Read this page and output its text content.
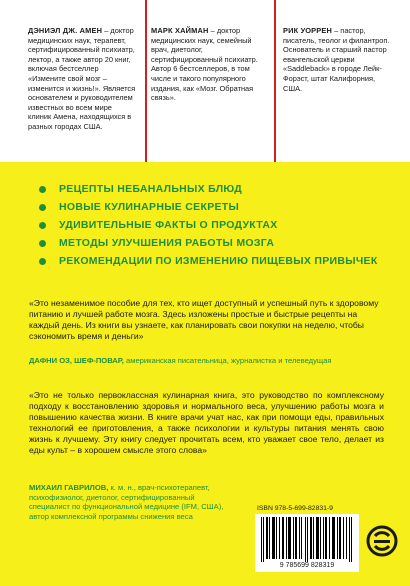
ДЭНИЭЛ ДЖ. АМЕН – доктор медицинских наук, терапевт, сертифицированный психиатр, лектор, а также автор 20 книг, включая бестселлер «Измените свой мозг – изменится и жизнь!». Является основателем и руководителем известных во всем мире клиник Амена, находящихся в разных городах США.
МАРК ХАЙМАН – доктор медицинских наук, семейный врач, диетолог, сертифицированный психиатр. Автор 6 бестселлеров, в том числе и такого популярного издания, как «Мозг. Обратная связь».
РИК УОРРЕН – пастор, писатель, теолог и филантроп. Основатель и старший пастор евангельской церкви «Saddleback» в городе Лейк-Форэст, штат Калифорния, США.
РЕЦЕПТЫ НЕБАНАЛЬНЫХ БЛЮД
НОВЫЕ КУЛИНАРНЫЕ СЕКРЕТЫ
УДИВИТЕЛЬНЫЕ ФАКТЫ О ПРОДУКТАХ
МЕТОДЫ УЛУЧШЕНИЯ РАБОТЫ МОЗГА
РЕКОМЕНДАЦИИ ПО ИЗМЕНЕНИЮ ПИЩЕВЫХ ПРИВЫЧЕК
«Это незаменимое пособие для тех, кто ищет доступный и успешный путь к здоровому питанию и лучшей работе мозга. Здесь изложены простые и быстрые рецепты на каждый день. Из книги вы узнаете, как планировать свои покупки на неделю, чтобы сэкономить время и деньги»
ДАФНИ ОЗ, ШЕФ-ПОВАР, американская писательница, журналистка и телеведущая
«Это не только первоклассная кулинарная книга, это руководство по комплексному подходу к восстановлению здоровья и нормального веса, улучшению работы мозга и повышению качества жизни. В книге врачи учат нас, как при помощи еды, правильных технологий ее приготовления, а также психологии и культуры питания менять свою жизнь к лучшему. Эту книгу следует прочитать всем, кто уважает свое тело, делает из еды культ – в хорошем смысле этого слова»
МИХАИЛ ГАВРИЛОВ, к. м. н., врач-психотерапевт, психофизиолог, диетолог, сертифицированный специалист по функциональной медицине (IFM, США), автор комплексной программы снижения веса
ISBN 978-5-699-82831-9
9 785699 828319
